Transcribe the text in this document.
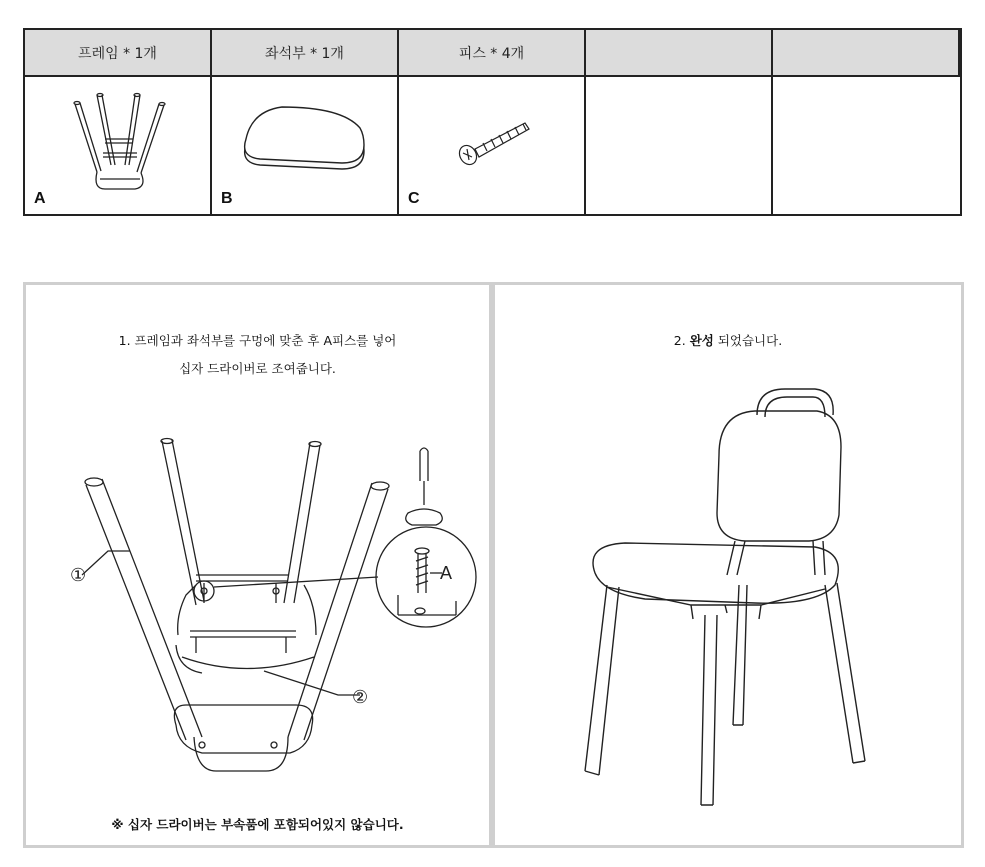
프레임 * 1개	좌석부 * 1개	피스 * 4개
A	B	C
1. 프레임과 좌석부를 구멍에 맞춘 후 A피스를 넣어
십자 드라이버로 조여줍니다.
①
②
A
※ 십자 드라이버는 부속품에 포함되어있지 않습니다.
2. 완성 되었습니다.
